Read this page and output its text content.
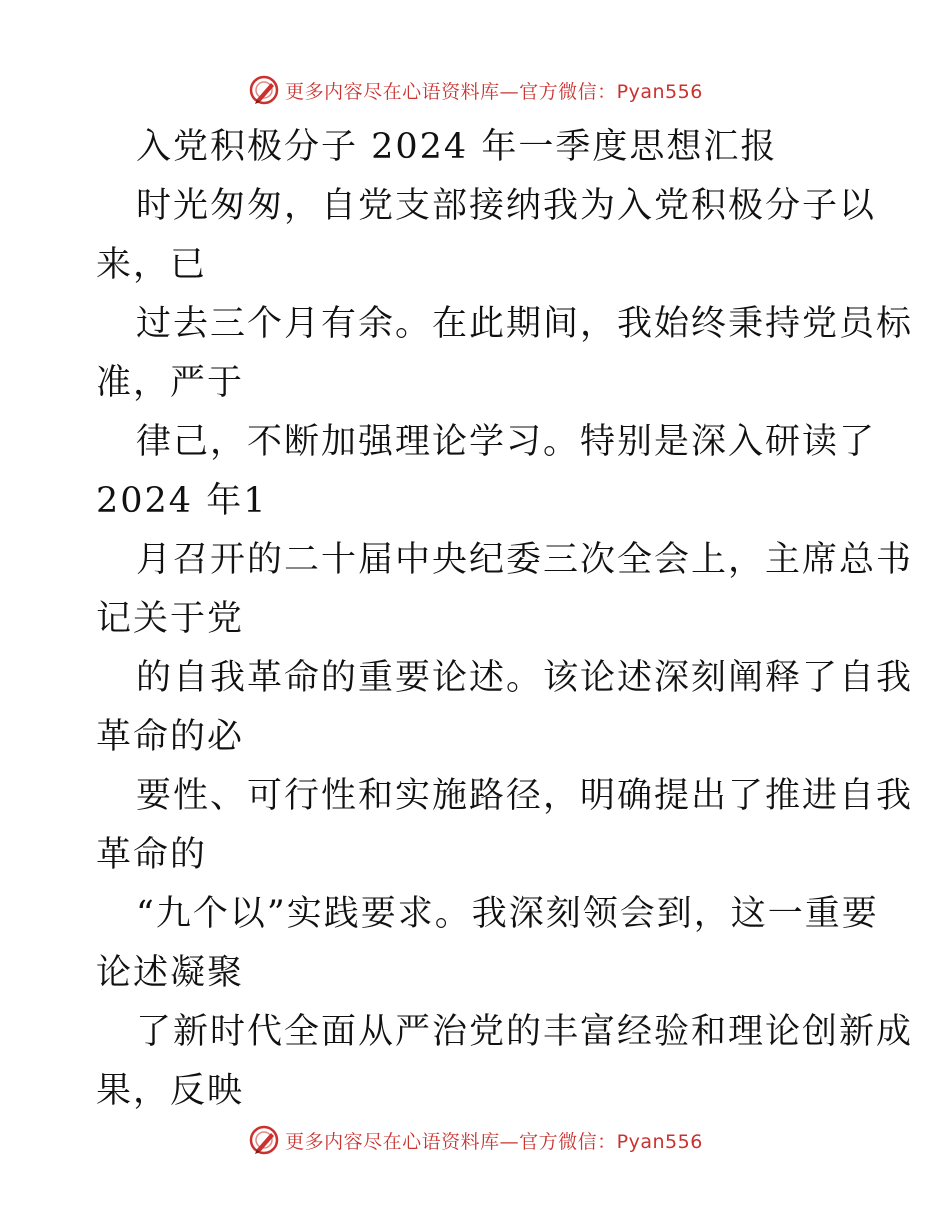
更多内容尽在心语资料库—官方微信：Pyan556
入党积极分子 2024 年一季度思想汇报
时光匆匆，自党支部接纳我为入党积极分子以
来，已
过去三个月有余。在此期间，我始终秉持党员标
准，严于
律己，不断加强理论学习。特别是深入研读了
2024 年1
月召开的二十届中央纪委三次全会上，主席总书
记关于党
的自我革命的重要论述。该论述深刻阐释了自我
革命的必
要性、可行性和实施路径，明确提出了推进自我
革命的
“九个以”实践要求。我深刻领会到，这一重要
论述凝聚
了新时代全面从严治党的丰富经验和理论创新成
果，反映
更多内容尽在心语资料库—官方微信：Pyan556
